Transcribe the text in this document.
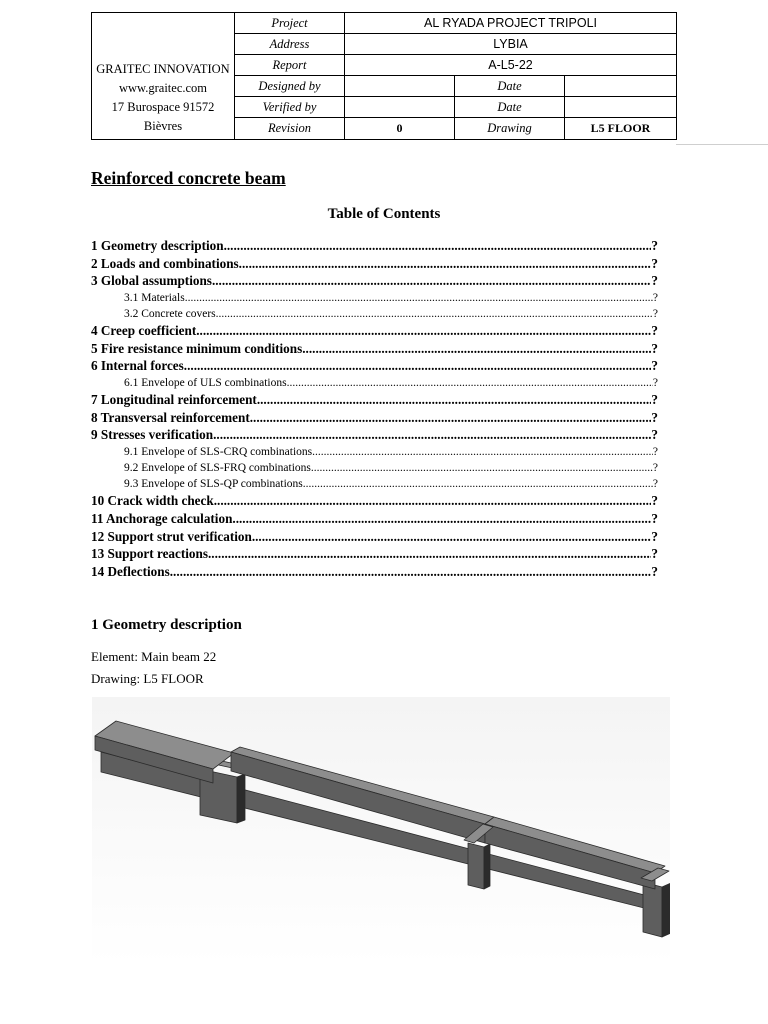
GRAITEC INNOVATION
www.graitec.com
17 Burospace 91572 Bièvres	Project	AL RYADA PROJECT TRIPOLI		
	Address	LYBIA		
	Report	A-L5-22		
	Designed by		Date	
	Verified by		Date	
	Revision	0	Drawing	L5 FLOOR
Reinforced concrete beam
Table of Contents
1 Geometry description .....	?
2 Loads and combinations .....	?
3 Global assumptions .....	?
3.1 Materials .....	?
3.2 Concrete covers .....	?
4 Creep coefficient .....	?
5 Fire resistance minimum conditions .....	?
6 Internal forces .....	?
6.1 Envelope of ULS combinations .....	?
7 Longitudinal reinforcement .....	?
8 Transversal reinforcement .....	?
9 Stresses verification .....	?
9.1 Envelope of SLS-CRQ combinations .....	?
9.2 Envelope of SLS-FRQ combinations .....	?
9.3 Envelope of SLS-QP combinations .....	?
10 Crack width check .....	?
11 Anchorage calculation .....	?
12 Support strut verification .....	?
13 Support reactions .....	?
14 Deflections .....	?
1 Geometry description
Element: Main beam 22
Drawing: L5 FLOOR
